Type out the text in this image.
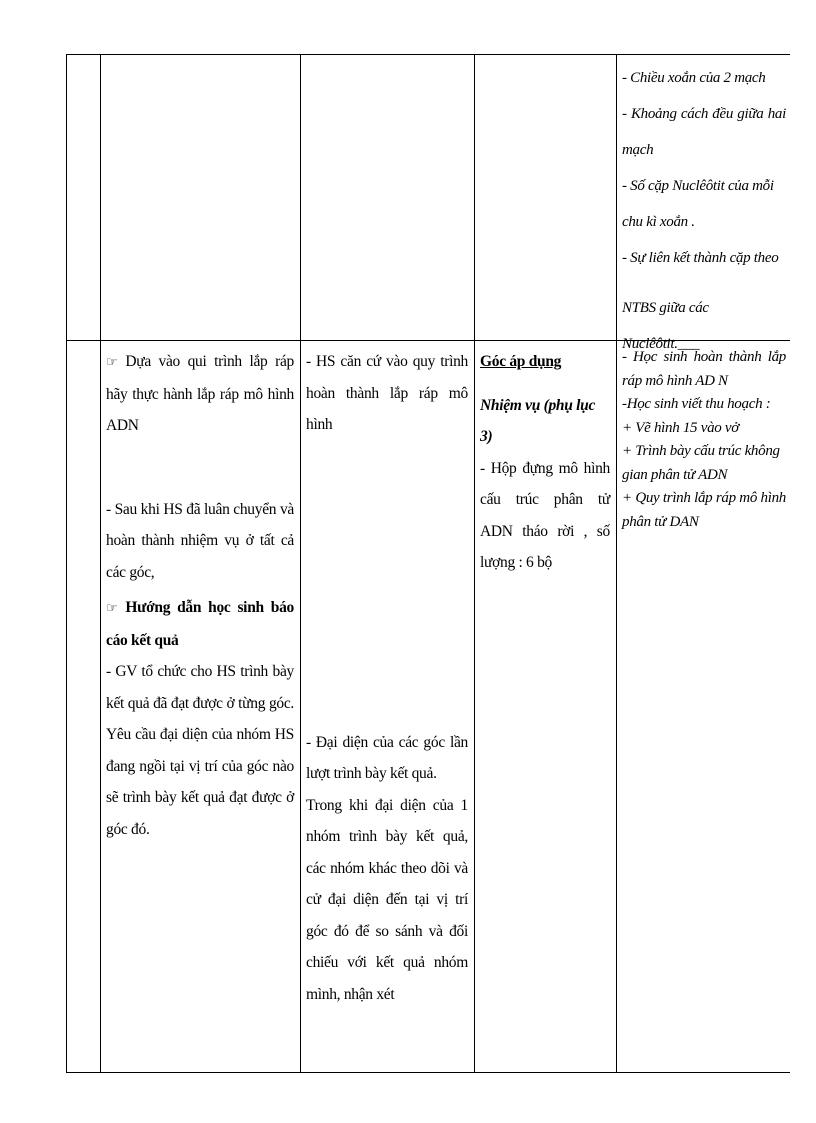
- Chiều xoắn của 2 mạch

- Khoảng cách đều giữa hai mạch

- Số cặp Nuclêôtit của mỗi chu kì xoắn .

- Sự liên kết thành cặp theo

NTBS giữa các Nuclêôtit.___

☞ Dựa vào qui trình lắp ráp hãy thực hành lắp ráp mô hình ADN

- Sau khi HS đã luân chuyển và hoàn thành nhiệm vụ ở tất cả các góc,

☞ Hướng dẫn học sinh báo cáo kết quả

- GV tổ chức cho HS trình bày kết quả đã đạt được ở từng góc. Yêu cầu đại diện của nhóm HS đang ngồi tại vị trí của góc nào sẽ trình bày kết quả đạt được ở góc đó.

- HS căn cứ vào quy trình hoàn thành lắp ráp mô hình

- Đại diện của các góc lần lượt trình bày kết quả.

Trong khi đại diện của 1 nhóm trình bày kết quả, các nhóm khác theo dõi và cử đại diện đến tại vị trí góc đó để so sánh và đối chiếu với kết quả nhóm mình, nhận xét

Góc áp dụng

Nhiệm vụ (phụ lục 3)

- Hộp đựng mô hình cấu trúc phân tử ADN tháo rời , số lượng : 6 bộ

- Học sinh hoàn thành lắp ráp mô hình AD N

-Học sinh viết thu hoạch :

+ Vẽ hình 15 vào vở

+ Trình bày cấu trúc không gian phân tử ADN

+ Quy trình lắp ráp mô hình phân tử DAN
